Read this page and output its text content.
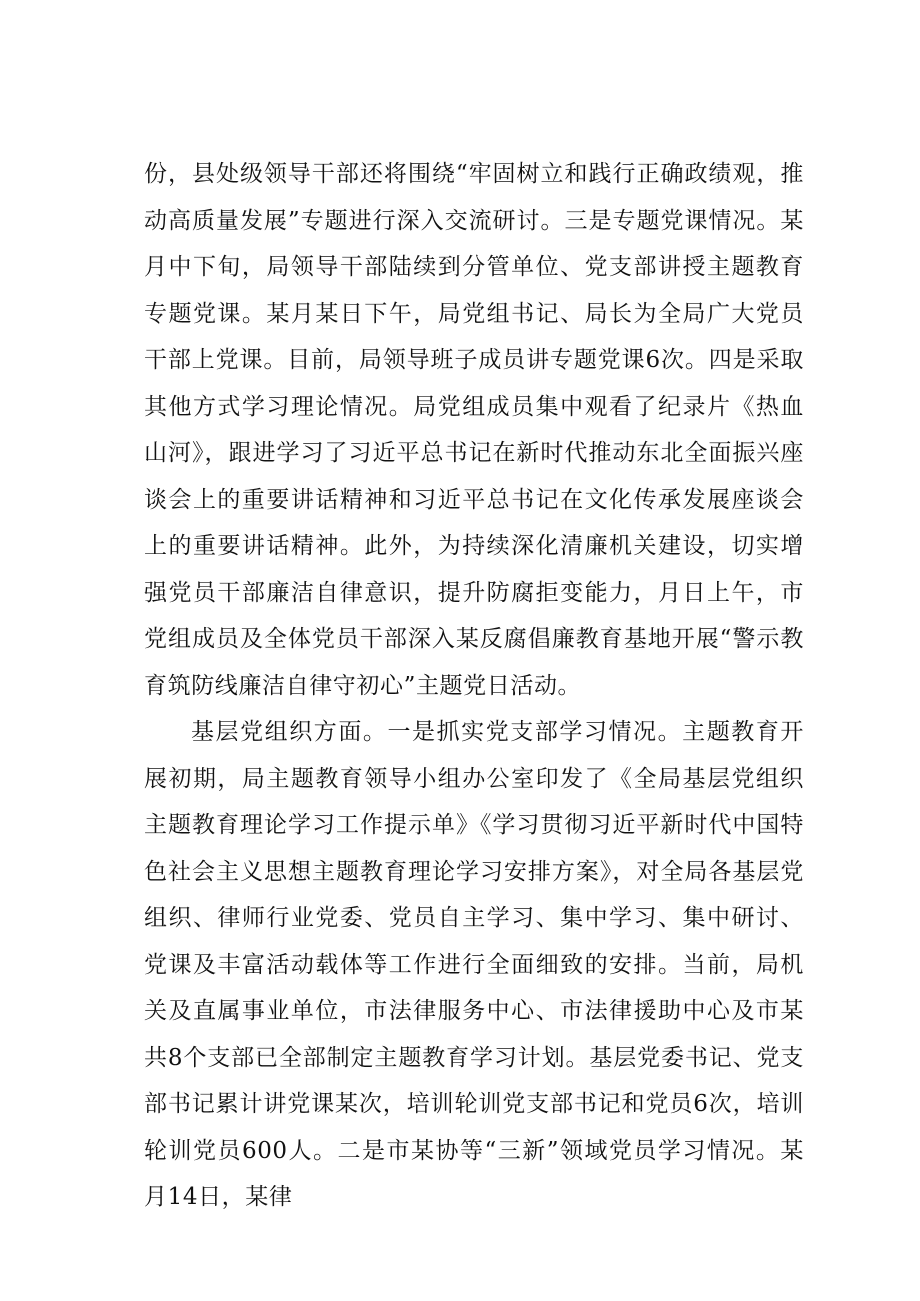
份，县处级领导干部还将围绕“牢固树立和践行正确政绩观，推动高质量发展”专题进行深入交流研讨。三是专题党课情况。某月中下旬，局领导干部陆续到分管单位、党支部讲授主题教育专题党课。某月某日下午，局党组书记、局长为全局广大党员干部上党课。目前，局领导班子成员讲专题党课6次。四是采取其他方式学习理论情况。局党组成员集中观看了纪录片《热血山河》，跟进学习了习近平总书记在新时代推动东北全面振兴座谈会上的重要讲话精神和习近平总书记在文化传承发展座谈会上的重要讲话精神。此外，为持续深化清廉机关建设，切实增强党员干部廉洁自律意识，提升防腐拒变能力，月日上午，市党组成员及全体党员干部深入某反腐倡廉教育基地开展“警示教育筑防线廉洁自律守初心”主题党日活动。

基层党组织方面。一是抓实党支部学习情况。主题教育开展初期，局主题教育领导小组办公室印发了《全局基层党组织主题教育理论学习工作提示单》《学习贯彻习近平新时代中国特色社会主义思想主题教育理论学习安排方案》，对全局各基层党组织、律师行业党委、党员自主学习、集中学习、集中研讨、党课及丰富活动载体等工作进行全面细致的安排。当前，局机关及直属事业单位，市法律服务中心、市法律援助中心及市某共8个支部已全部制定主题教育学习计划。基层党委书记、党支部书记累计讲党课某次，培训轮训党支部书记和党员6次，培训轮训党员600人。二是市某协等“三新”领域党员学习情况。某月14日，某律
